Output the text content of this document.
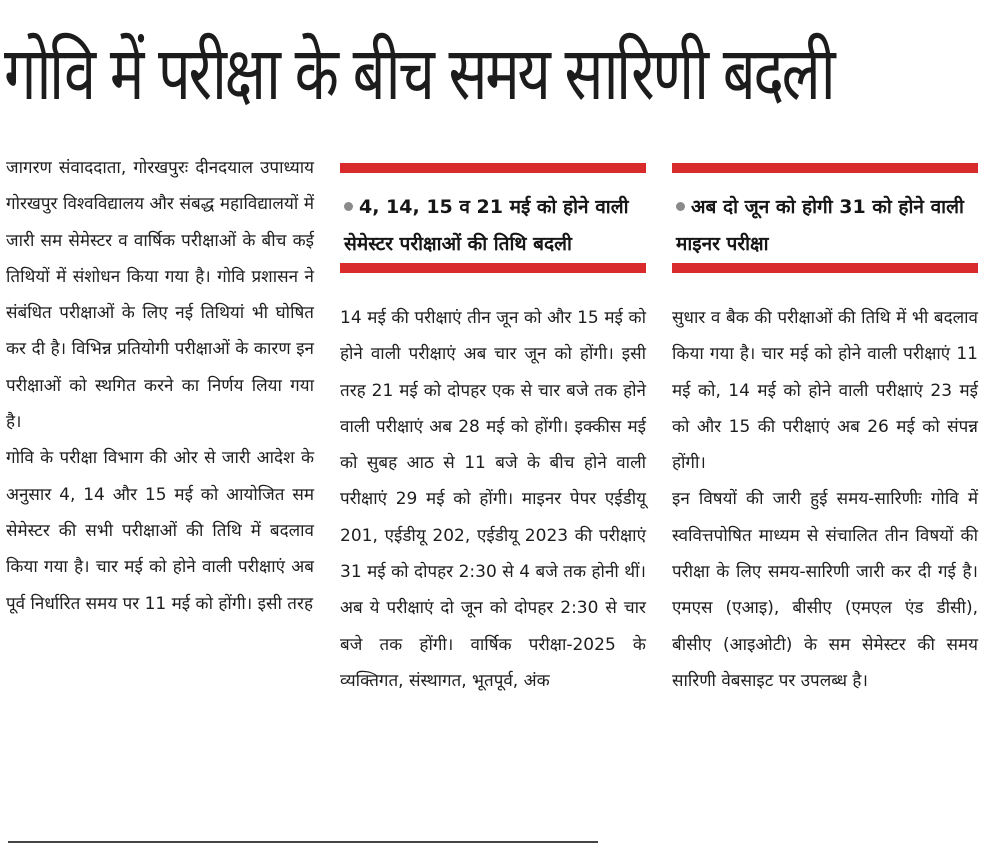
गोवि में परीक्षा के बीच समय सारिणी बदली

जागरण संवाददाता, गोरखपुरः दीनदयाल उपाध्याय गोरखपुर विश्वविद्यालय और संबद्ध महाविद्यालयों में जारी सम सेमेस्टर व वार्षिक परीक्षाओं के बीच कई तिथियों में संशोधन किया गया है। गोवि प्रशासन ने संबंधित परीक्षाओं के लिए नई तिथियां भी घोषित कर दी है। विभिन्न प्रतियोगी परीक्षाओं के कारण इन परीक्षाओं को स्थगित करने का निर्णय लिया गया है।

गोवि के परीक्षा विभाग की ओर से जारी आदेश के अनुसार 4, 14 और 15 मई को आयोजित सम सेमेस्टर की सभी परीक्षाओं की तिथि में बदलाव किया गया है। चार मई को होने वाली परीक्षाएं अब पूर्व निर्धारित समय पर 11 मई को होंगी। इसी तरह

4, 14, 15 व 21 मई को होने वाली सेमेस्टर परीक्षाओं की तिथि बदली

अब दो जून को होगी 31 को होने वाली माइनर परीक्षा

14 मई की परीक्षाएं तीन जून को और 15 मई को होने वाली परीक्षाएं अब चार जून को होंगी। इसी तरह 21 मई को दोपहर एक से चार बजे तक होने वाली परीक्षाएं अब 28 मई को होंगी। इक्कीस मई को सुबह आठ से 11 बजे के बीच होने वाली परीक्षाएं 29 मई को होंगी। माइनर पेपर एईडीयू 201, एईडीयू 202, एईडीयू 2023 की परीक्षाएं 31 मई को दोपहर 2:30 से 4 बजे तक होनी थीं। अब ये परीक्षाएं दो जून को दोपहर 2:30 से चार बजे तक होंगी। वार्षिक परीक्षा-2025 के व्यक्तिगत, संस्थागत, भूतपूर्व, अंक

सुधार व बैक की परीक्षाओं की तिथि में भी बदलाव किया गया है। चार मई को होने वाली परीक्षाएं 11 मई को, 14 मई को होने वाली परीक्षाएं 23 मई को और 15 की परीक्षाएं अब 26 मई को संपन्न होंगी।

इन विषयों की जारी हुई समय-सारिणीः गोवि में स्ववित्तपोषित माध्यम से संचालित तीन विषयों की परीक्षा के लिए समय-सारिणी जारी कर दी गई है। एमएस (एआइ), बीसीए (एमएल एंड डीसी), बीसीए (आइओटी) के सम सेमेस्टर की समय सारिणी वेबसाइट पर उपलब्ध है।
